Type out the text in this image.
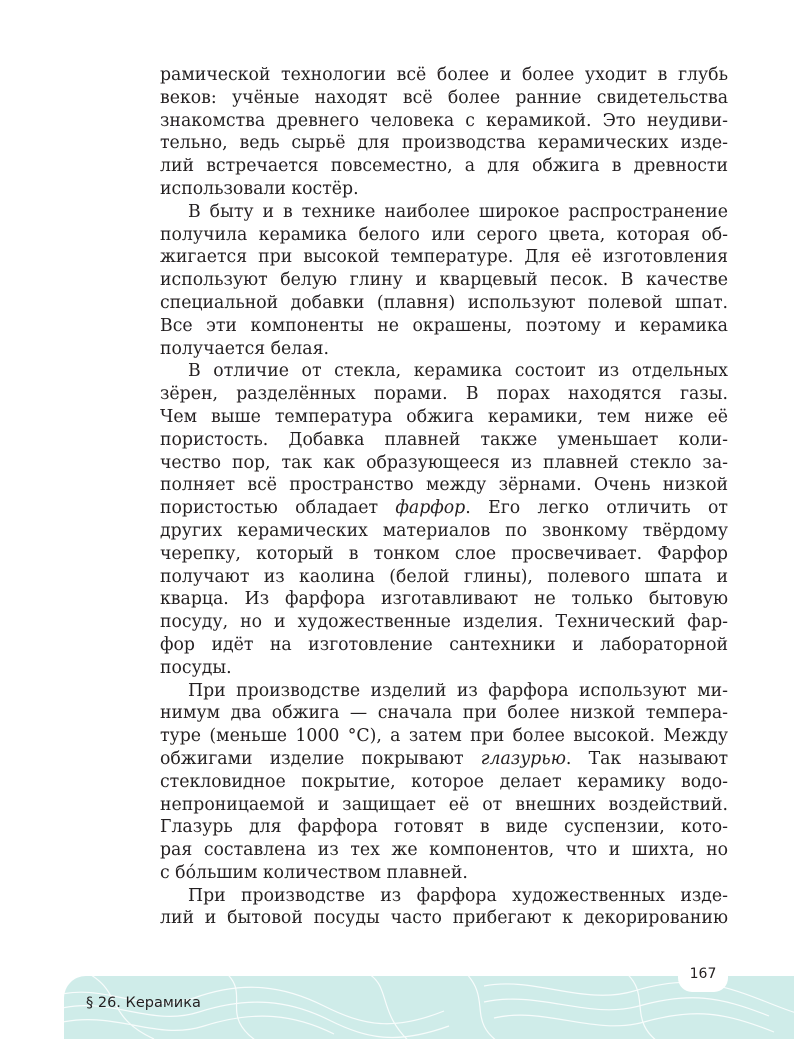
рамической технологии всё более и более уходит в глубь
веков: учёные находят всё более ранние свидетельства
знакомства древнего человека с керамикой. Это неудиви-
тельно, ведь сырьё для производства керамических изде-
лий встречается повсеместно, а для обжига в древности
использовали костёр.
В быту и в технике наиболее широкое распространение
получила керамика белого или серого цвета, которая об-
жигается при высокой температуре. Для её изготовления
используют белую глину и кварцевый песок. В качестве
специальной добавки (плавня) используют полевой шпат.
Все эти компоненты не окрашены, поэтому и керамика
получается белая.
В отличие от стекла, керамика состоит из отдельных
зёрен, разделённых порами. В порах находятся газы.
Чем выше температура обжига керамики, тем ниже её
пористость. Добавка плавней также уменьшает коли-
чество пор, так как образующееся из плавней стекло за-
полняет всё пространство между зёрнами. Очень низкой
пористостью обладает фарфор. Его легко отличить от
других керамических материалов по звонкому твёрдому
черепку, который в тонком слое просвечивает. Фарфор
получают из каолина (белой глины), полевого шпата и
кварца. Из фарфора изготавливают не только бытовую
посуду, но и художественные изделия. Технический фар-
фор идёт на изготовление сантехники и лабораторной
посуды.
При производстве изделий из фарфора используют ми-
нимум два обжига — сначала при более низкой темпера-
туре (меньше 1000 °C), а затем при более высокой. Между
обжигами изделие покрывают глазурью. Так называют
стекловидное покрытие, которое делает керамику водо-
непроницаемой и защищает её от внешних воздействий.
Глазурь для фарфора готовят в виде суспензии, кото-
рая составлена из тех же компонентов, что и шихта, но
с бóльшим количеством плавней.
При производстве из фарфора художественных изде-
лий и бытовой посуды часто прибегают к декорированию
167
§ 26. Керамика
